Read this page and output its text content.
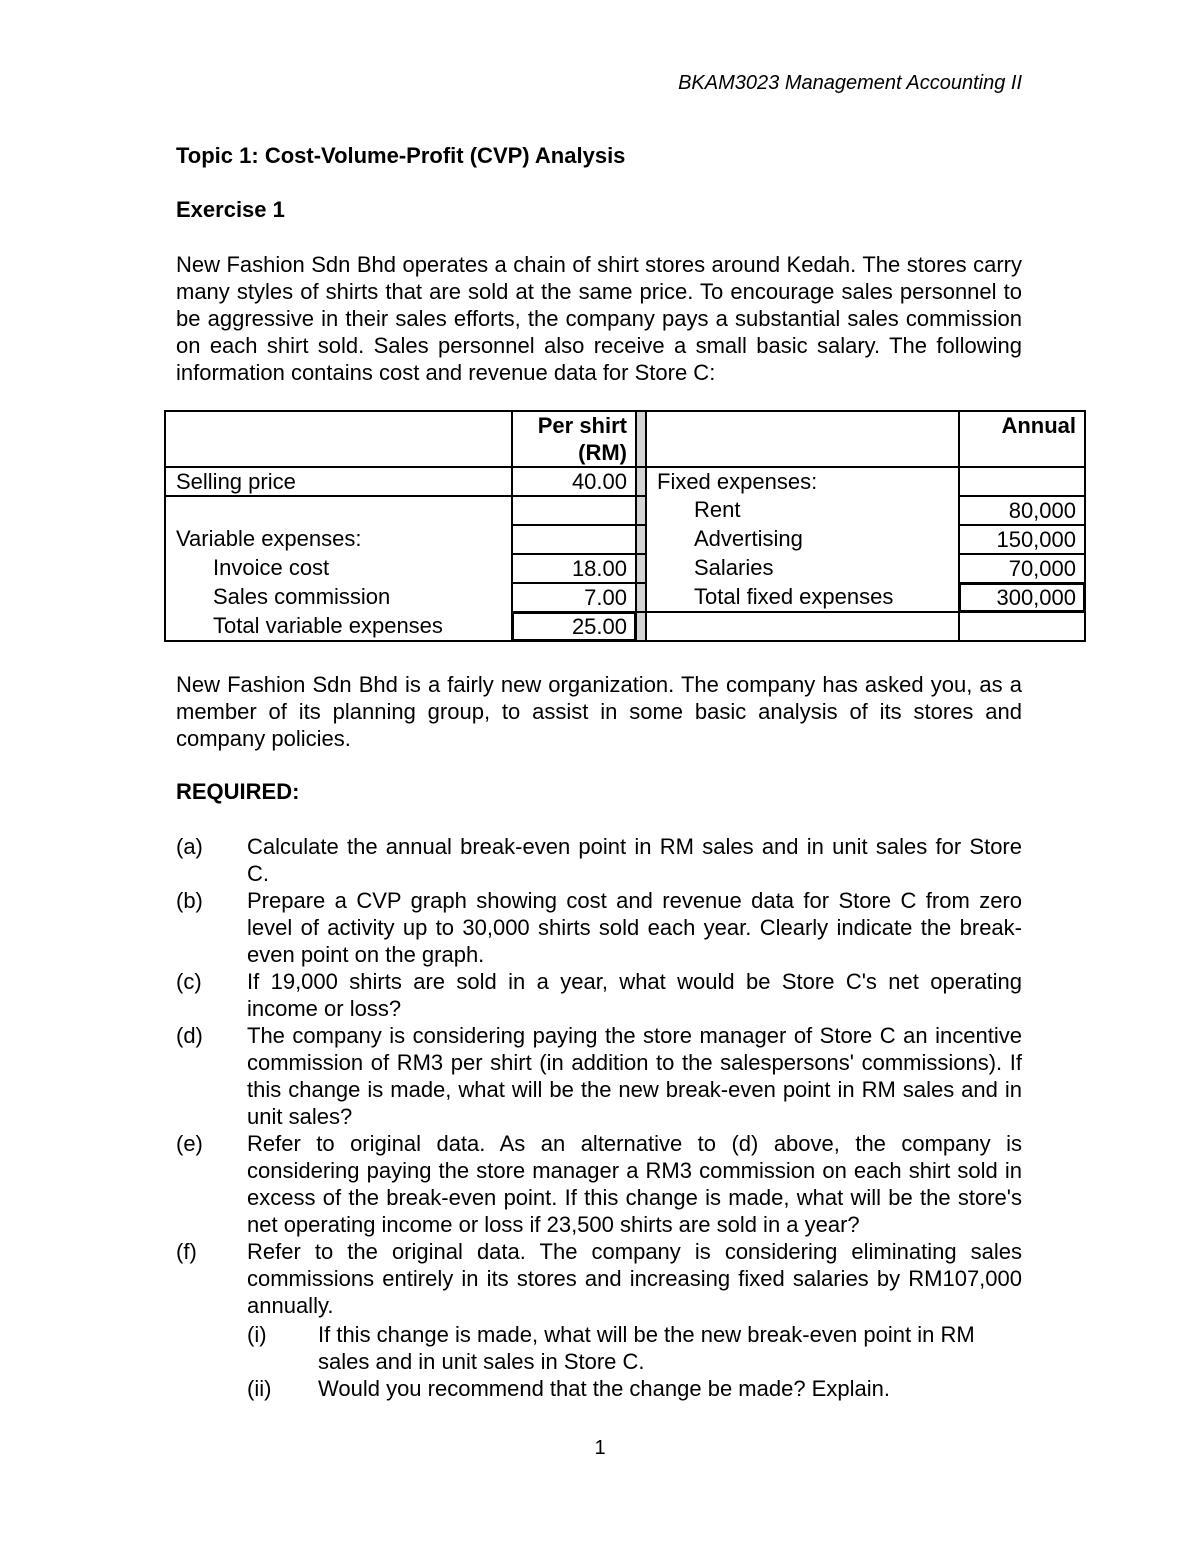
BKAM3023 Management Accounting II
Topic 1: Cost-Volume-Profit (CVP) Analysis
Exercise 1
New Fashion Sdn Bhd operates a chain of shirt stores around Kedah. The stores carry many styles of shirts that are sold at the same price. To encourage sales personnel to be aggressive in their sales efforts, the company pays a substantial sales commission on each shirt sold. Sales personnel also receive a small basic salary. The following information contains cost and revenue data for Store C:
	Per shirt (RM)			Annual
Selling price	40.00		Fixed expenses:	
			Rent	80,000
Variable expenses:			Advertising	150,000
Invoice cost	18.00		Salaries	70,000
Sales commission	7.00		Total fixed expenses	300,000
Total variable expenses	25.00			
New Fashion Sdn Bhd is a fairly new organization. The company has asked you, as a member of its planning group, to assist in some basic analysis of its stores and company policies.
REQUIRED:
(a) Calculate the annual break-even point in RM sales and in unit sales for Store C.
(b) Prepare a CVP graph showing cost and revenue data for Store C from zero level of activity up to 30,000 shirts sold each year. Clearly indicate the break-even point on the graph.
(c) If 19,000 shirts are sold in a year, what would be Store C's net operating income or loss?
(d) The company is considering paying the store manager of Store C an incentive commission of RM3 per shirt (in addition to the salespersons' commissions). If this change is made, what will be the new break-even point in RM sales and in unit sales?
(e) Refer to original data. As an alternative to (d) above, the company is considering paying the store manager a RM3 commission on each shirt sold in excess of the break-even point. If this change is made, what will be the store's net operating income or loss if 23,500 shirts are sold in a year?
(f) Refer to the original data. The company is considering eliminating sales commissions entirely in its stores and increasing fixed salaries by RM107,000 annually.
(i) If this change is made, what will be the new break-even point in RM sales and in unit sales in Store C.
(ii) Would you recommend that the change be made? Explain.
1
